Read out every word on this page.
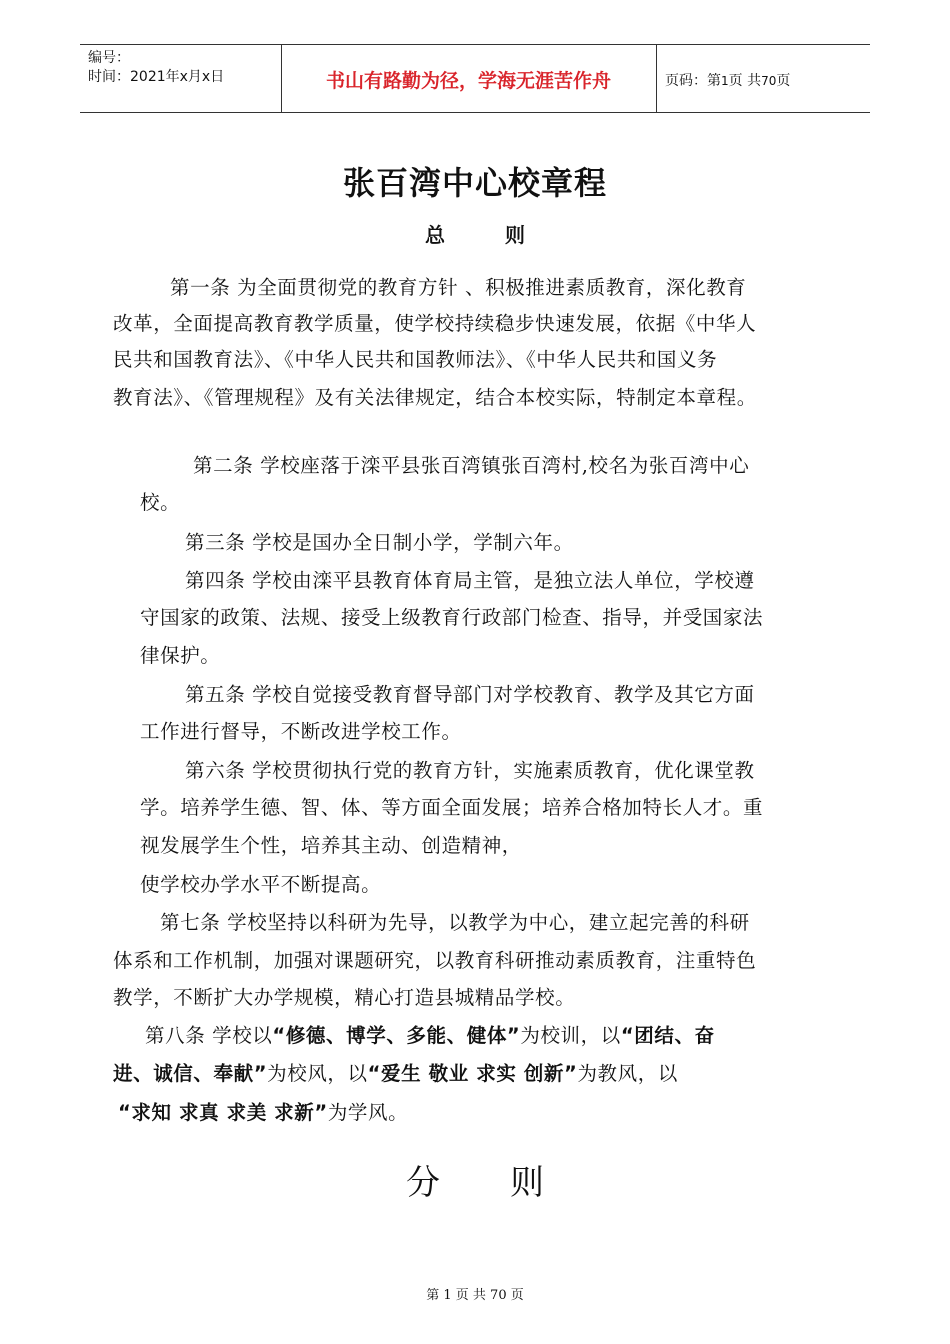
编号：
时间：2021年x月x日	书山有路勤为径，学海无涯苦作舟	页码：第1页 共70页
张百湾中心校章程
总则
第一条 为全面贯彻党的教育方针 、积极推进素质教育，深化教育
改革，全面提高教育教学质量，使学校持续稳步快速发展，依据《中华人
民共和国教育法》、《中华人民共和国教师法》、《中华人民共和国义务
教育法》、《管理规程》及有关法律规定，结合本校实际，特制定本章程。
第二条 学校座落于滦平县张百湾镇张百湾村,校名为张百湾中心
校。
第三条 学校是国办全日制小学，学制六年。
第四条 学校由滦平县教育体育局主管，是独立法人单位，学校遵
守国家的政策、法规、接受上级教育行政部门检查、指导，并受国家法
律保护。
第五条 学校自觉接受教育督导部门对学校教育、教学及其它方面
工作进行督导，不断改进学校工作。
第六条 学校贯彻执行党的教育方针，实施素质教育，优化课堂教
学。培养学生德、智、体、等方面全面发展；培养合格加特长人才。重
视发展学生个性，培养其主动、创造精神，
使学校办学水平不断提高。
第七条 学校坚持以科研为先导，以教学为中心，建立起完善的科研
体系和工作机制，加强对课题研究，以教育科研推动素质教育，注重特色
教学，不断扩大办学规模，精心打造县城精品学校。
第八条 学校以“修德、博学、多能、健体”为校训，以“团结、奋
进、诚信、奉献”为校风，以“爱生 敬业 求实 创新”为教风，以
“求知 求真 求美 求新”为学风。
分则
第 1 页 共 70 页
